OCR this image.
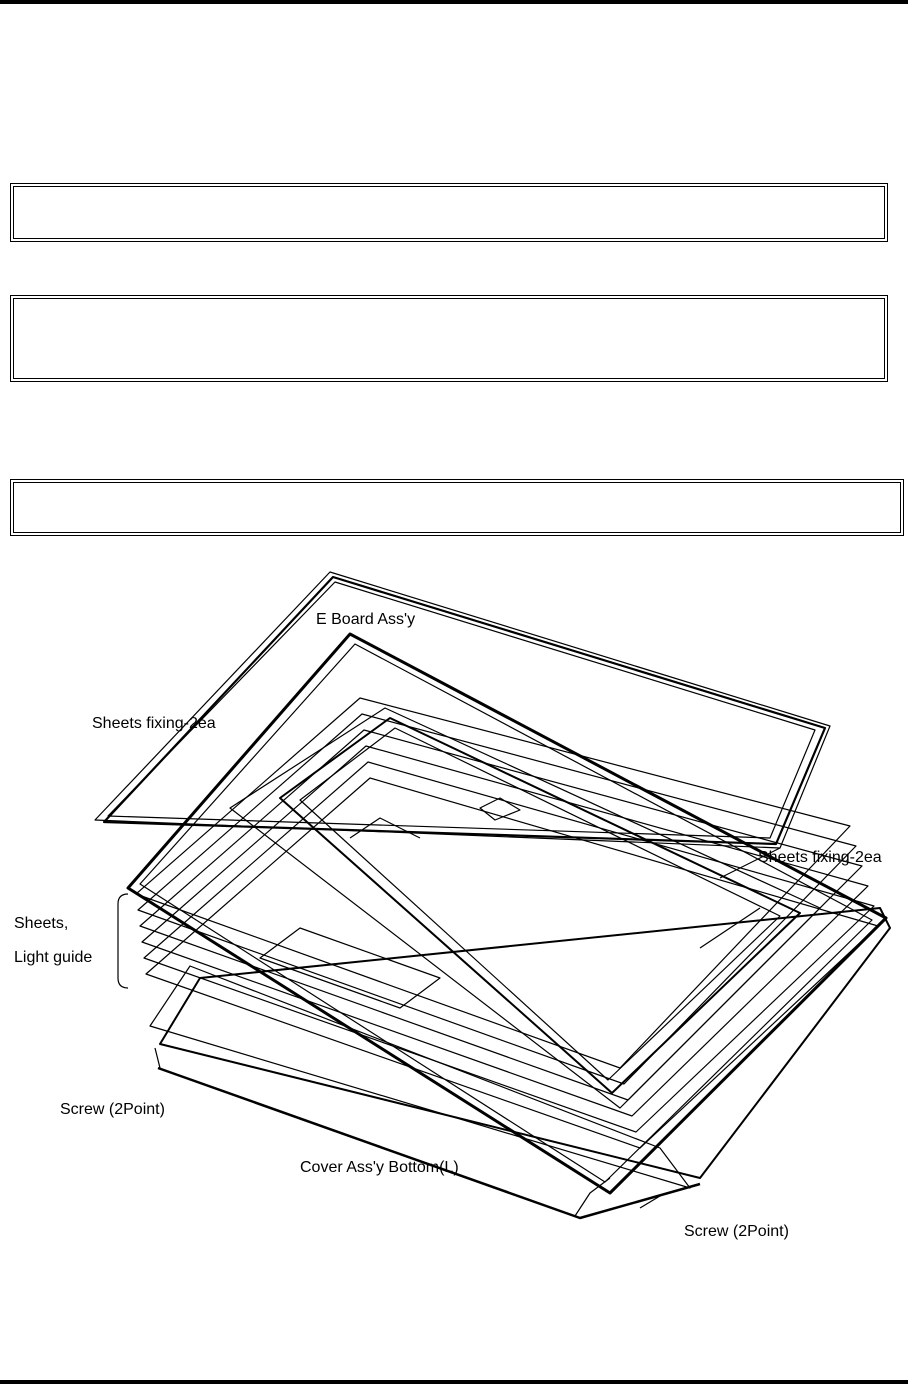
E Board Ass'y
Sheets fixing-2ea
Sheets fixing-2ea
Sheets,
Light guide
Screw (2Point)
Cover Ass'y Bottom(L)
Screw (2Point)
